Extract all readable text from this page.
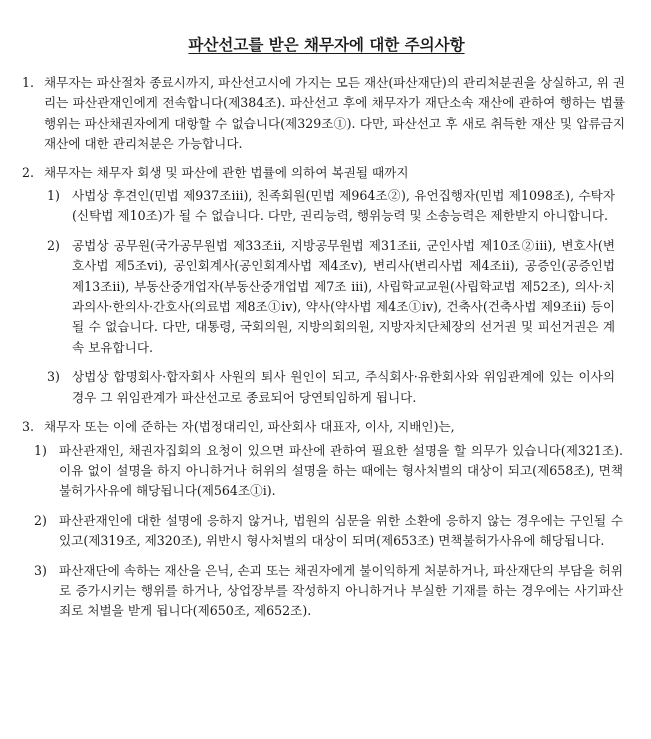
파산선고를 받은 채무자에 대한 주의사항
1. 채무자는 파산절차 종료시까지, 파산선고시에 가지는 모든 재산(파산재단)의 관리처분권을 상실하고, 위 권리는 파산관재인에게 전속합니다(제384조). 파산선고 후에 채무자가 재단소속 재산에 관하여 행하는 법률행위는 파산채권자에게 대항할 수 없습니다(제329조①). 다만, 파산선고 후 새로 취득한 재산 및 압류금지재산에 대한 관리처분은 가능합니다.
2. 채무자는 채무자 회생 및 파산에 관한 법률에 의하여 복권될 때까지
1) 사법상 후견인(민법 제937조iii), 친족회원(민법 제964조②), 유언집행자(민법 제1098조), 수탁자(신탁법 제10조)가 될 수 없습니다. 다만, 권리능력, 행위능력 및 소송능력은 제한받지 아니합니다.
2) 공법상 공무원(국가공무원법 제33조ii, 지방공무원법 제31조ii, 군인사법 제10조②iii), 변호사(변호사법 제5조vi), 공인회계사(공인회계사법 제4조v), 변리사(변리사법 제4조ii), 공증인(공증인법 제13조ii), 부동산중개업자(부동산중개업법 제7조 iii), 사립학교교원(사립학교법 제52조), 의사·치과의사·한의사·간호사(의료법 제8조①iv), 약사(약사법 제4조①iv), 건축사(건축사법 제9조ii) 등이 될 수 없습니다. 다만, 대통령, 국회의원, 지방의회의원, 지방자치단체장의 선거권 및 피선거권은 계속 보유합니다.
3) 상법상 합명회사·합자회사 사원의 퇴사 원인이 되고, 주식회사·유한회사와 위임관계에 있는 이사의 경우 그 위임관계가 파산선고로 종료되어 당연퇴임하게 됩니다.
3. 채무자 또는 이에 준하는 자(법정대리인, 파산회사 대표자, 이사, 지배인)는,
1) 파산관재인, 채권자집회의 요청이 있으면 파산에 관하여 필요한 설명을 할 의무가 있습니다(제321조). 이유 없이 설명을 하지 아니하거나 허위의 설명을 하는 때에는 형사처벌의 대상이 되고(제658조), 면책불허가사유에 해당됩니다(제564조①i).
2) 파산관재인에 대한 설명에 응하지 않거나, 법원의 심문을 위한 소환에 응하지 않는 경우에는 구인될 수 있고(제319조, 제320조), 위반시 형사처벌의 대상이 되며(제653조) 면책불허가사유에 해당됩니다.
3) 파산재단에 속하는 재산을 은닉, 손괴 또는 채권자에게 불이익하게 처분하거나, 파산재단의 부담을 허위로 증가시키는 행위를 하거나, 상업장부를 작성하지 아니하거나 부실한 기재를 하는 경우에는 사기파산죄로 처벌을 받게 됩니다(제650조, 제652조).
